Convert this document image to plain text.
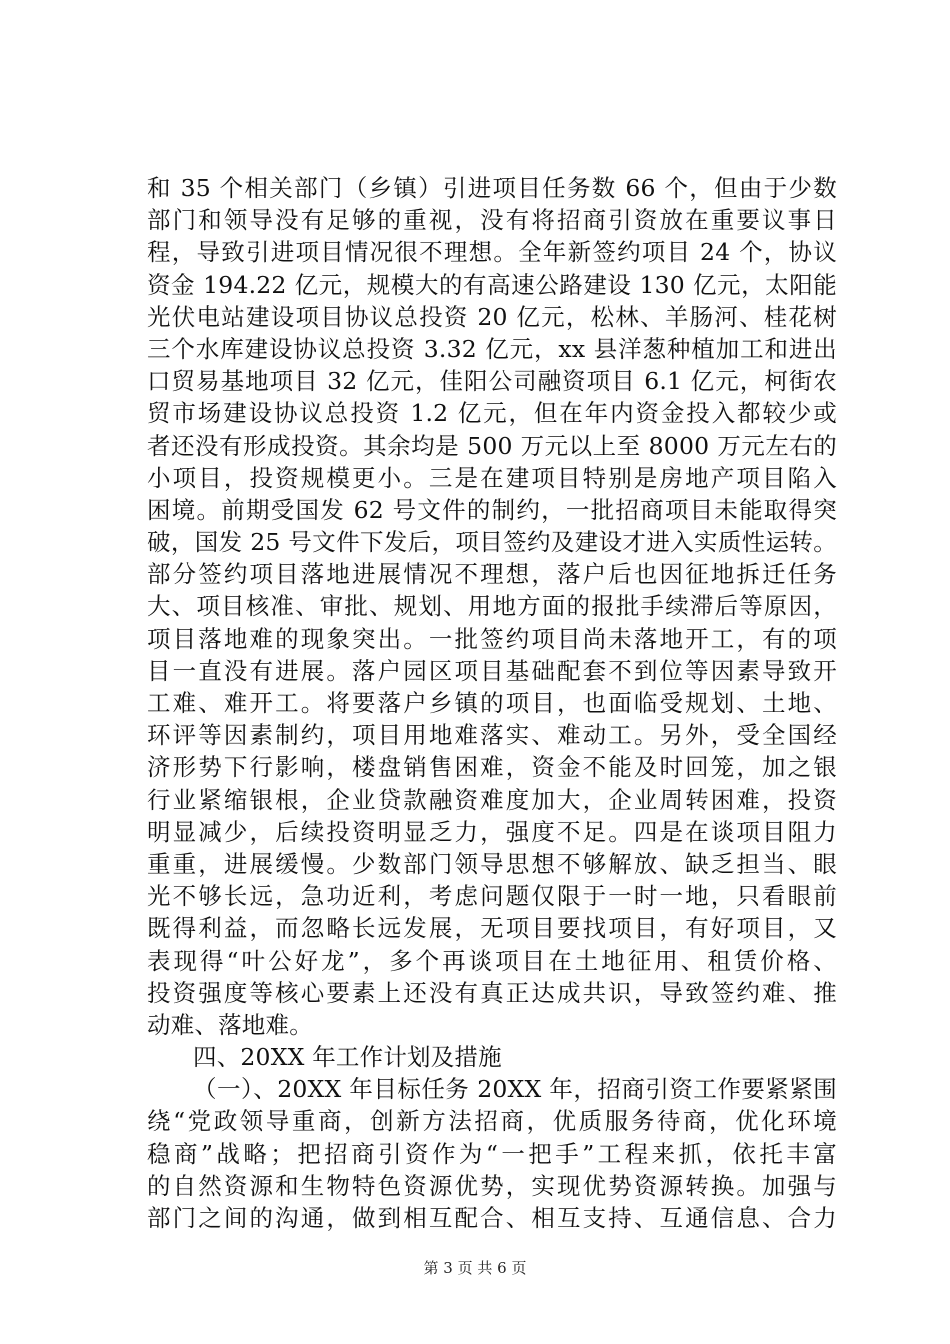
和 35 个相关部门（乡镇）引进项目任务数 66 个，但由于少数
部门和领导没有足够的重视，没有将招商引资放在重要议事日
程，导致引进项目情况很不理想。全年新签约项目 24 个，协议
资金 194.22 亿元，规模大的有高速公路建设 130 亿元，太阳能
光伏电站建设项目协议总投资 20 亿元，松林、羊肠河、桂花树
三个水库建设协议总投资 3.32 亿元，xx 县洋葱种植加工和进出
口贸易基地项目 32 亿元，佳阳公司融资项目 6.1 亿元，柯街农
贸市场建设协议总投资 1.2 亿元，但在年内资金投入都较少或
者还没有形成投资。其余均是 500 万元以上至 8000 万元左右的
小项目，投资规模更小。三是在建项目特别是房地产项目陷入
困境。前期受国发 62 号文件的制约，一批招商项目未能取得突
破，国发 25 号文件下发后，项目签约及建设才进入实质性运转。
部分签约项目落地进展情况不理想，落户后也因征地拆迁任务
大、项目核准、审批、规划、用地方面的报批手续滞后等原因，
项目落地难的现象突出。一批签约项目尚未落地开工，有的项
目一直没有进展。落户园区项目基础配套不到位等因素导致开
工难、难开工。将要落户乡镇的项目，也面临受规划、土地、
环评等因素制约，项目用地难落实、难动工。另外，受全国经
济形势下行影响，楼盘销售困难，资金不能及时回笼，加之银
行业紧缩银根，企业贷款融资难度加大，企业周转困难，投资
明显减少，后续投资明显乏力，强度不足。四是在谈项目阻力
重重，进展缓慢。少数部门领导思想不够解放、缺乏担当、眼
光不够长远，急功近利，考虑问题仅限于一时一地，只看眼前
既得利益，而忽略长远发展，无项目要找项目，有好项目，又
表现得“叶公好龙”，多个再谈项目在土地征用、租赁价格、
投资强度等核心要素上还没有真正达成共识，导致签约难、推
动难、落地难。
四、20XX 年工作计划及措施
（一）、20XX 年目标任务 20XX 年，招商引资工作要紧紧围
绕“党政领导重商，创新方法招商，优质服务待商，优化环境
稳商”战略；把招商引资作为“一把手”工程来抓，依托丰富
的自然资源和生物特色资源优势，实现优势资源转换。加强与
部门之间的沟通，做到相互配合、相互支持、互通信息、合力
第 3 页 共 6 页
